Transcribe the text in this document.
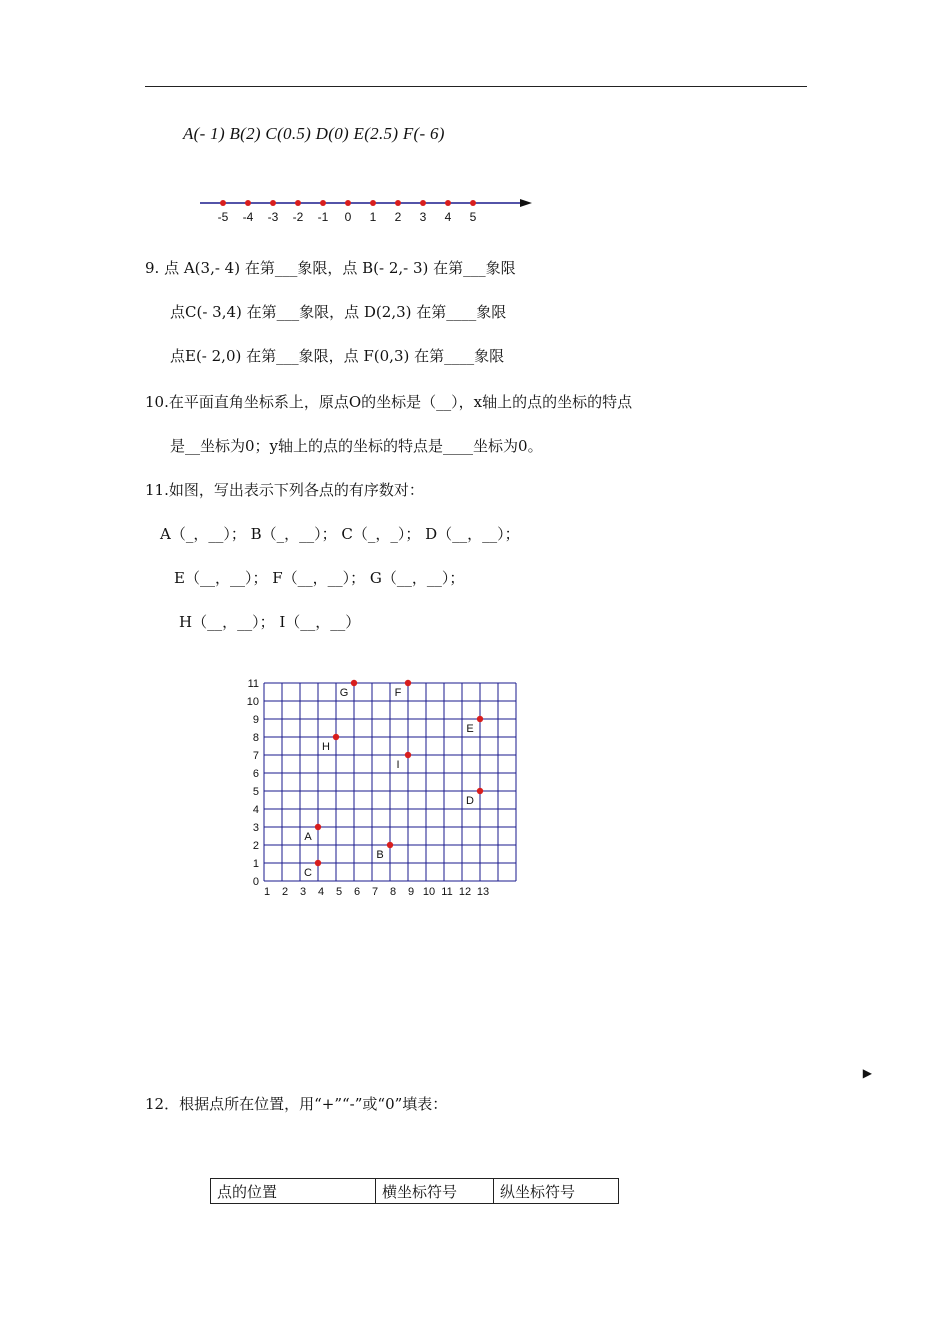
A(- 1) B(2) C(0.5) D(0) E(2.5) F(- 6)
-5 -4 -3 -2 -1 0 1 2 3 4 5
9. 点 A(3,- 4) 在第___象限，点 B(- 2,- 3) 在第___象限
点C(- 3,4) 在第___象限，点 D(2,3) 在第____象限
点E(- 2,0) 在第___象限，点 F(0,3) 在第____象限
10.在平面直角坐标系上，原点O的坐标是（__），x轴上的点的坐标的特点
是__坐标为0；y轴上的点的坐标的特点是____坐标为0。
11.如图，写出表示下列各点的有序数对：
A（_，__）； B（_，__）； C（_，_）； D（__，__）；
E（__，__）； F（__，__）； G（__，__）；
H（__，__）； I（__，__）
1 2 3 4 5 6 7 8 9 10 11 12 13
0
1
2
3
4
5
6
7
8
9
10
11
A
B
C
D
E
F
G
H
I
▶
12．根据点所在位置，用“+”“-”或“0”填表：
点的位置	横坐标符号	纵坐标符号
